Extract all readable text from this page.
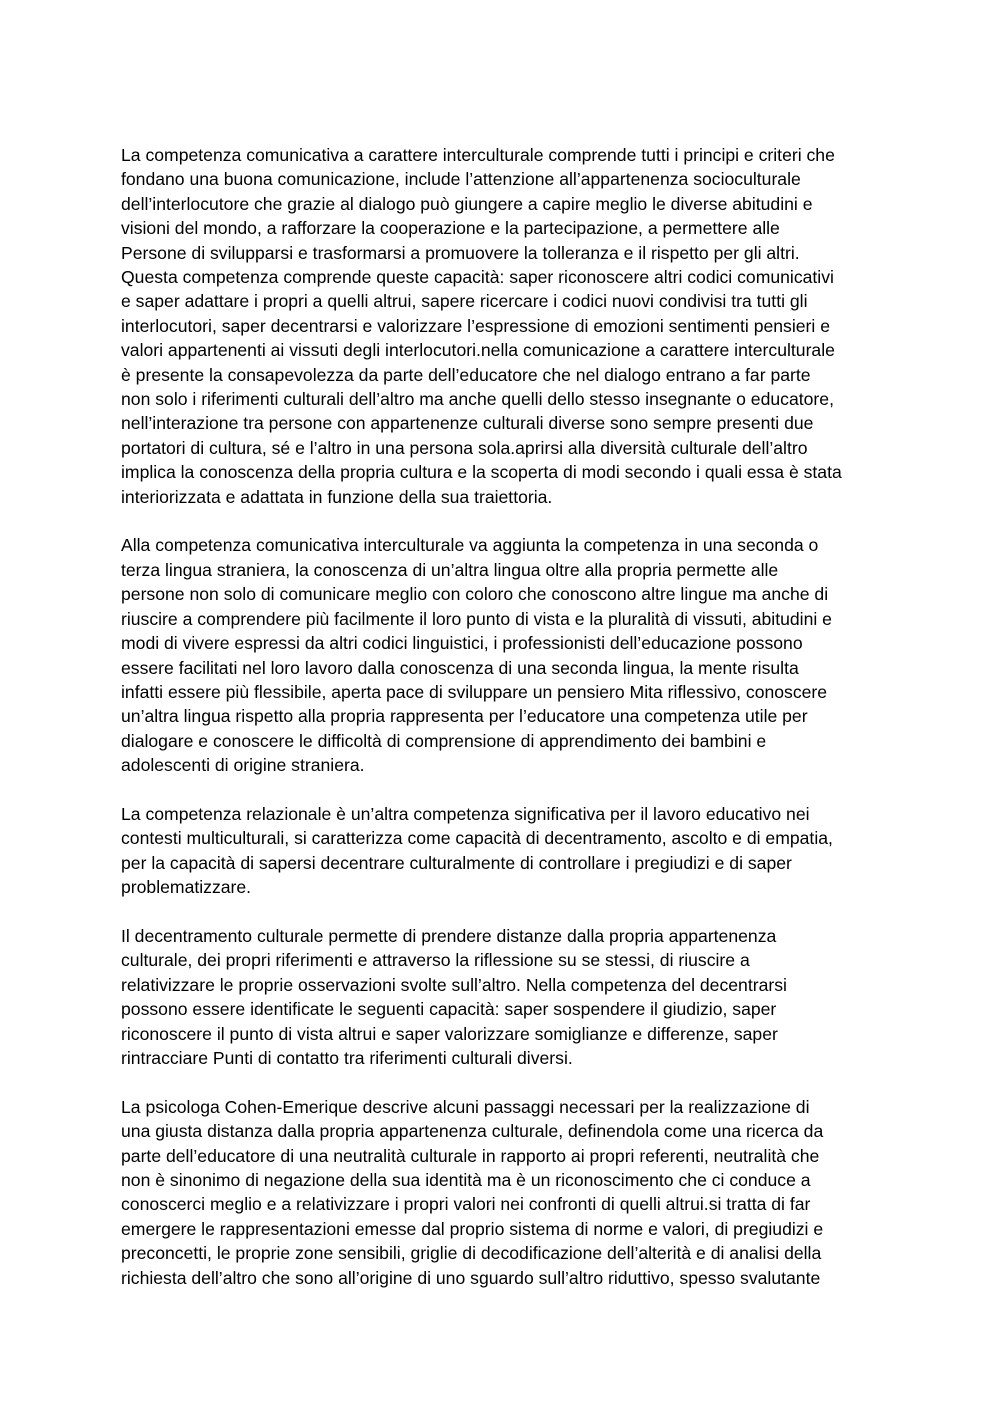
La competenza comunicativa a carattere interculturale comprende tutti i principi e criteri che
fondano una buona comunicazione, include l’attenzione all’appartenenza socioculturale
dell’interlocutore che grazie al dialogo può giungere a capire meglio le diverse abitudini e
visioni del mondo, a rafforzare la cooperazione e la partecipazione, a permettere alle
Persone di svilupparsi e trasformarsi a promuovere la tolleranza e il rispetto per gli altri.
Questa competenza comprende queste capacità: saper riconoscere altri codici comunicativi
e saper adattare i propri a quelli altrui, sapere ricercare i codici nuovi condivisi tra tutti gli
interlocutori, saper decentrarsi e valorizzare l’espressione di emozioni sentimenti pensieri e
valori appartenenti ai vissuti degli interlocutori.nella comunicazione a carattere interculturale
è presente la consapevolezza da parte dell’educatore che nel dialogo entrano a far parte
non solo i riferimenti culturali dell’altro ma anche quelli dello stesso insegnante o educatore,
nell’interazione tra persone con appartenenze culturali diverse sono sempre presenti due
portatori di cultura, sé e l’altro in una persona sola.aprirsi alla diversità culturale dell’altro
implica la conoscenza della propria cultura e la scoperta di modi secondo i quali essa è stata
interiorizzata e adattata in funzione della sua traiettoria.

Alla competenza comunicativa interculturale va aggiunta la competenza in una seconda o
terza lingua straniera, la conoscenza di un’altra lingua oltre alla propria permette alle
persone non solo di comunicare meglio con coloro che conoscono altre lingue ma anche di
riuscire a comprendere più facilmente il loro punto di vista e la pluralità di vissuti, abitudini e
modi di vivere espressi da altri codici linguistici, i professionisti dell’educazione possono
essere facilitati nel loro lavoro dalla conoscenza di una seconda lingua, la mente risulta
infatti essere più flessibile, aperta pace di sviluppare un pensiero Mita riflessivo, conoscere
un’altra lingua rispetto alla propria rappresenta per l’educatore una competenza utile per
dialogare e conoscere le difficoltà di comprensione di apprendimento dei bambini e
adolescenti di origine straniera.

La competenza relazionale è un’altra competenza significativa per il lavoro educativo nei
contesti multiculturali, si caratterizza come capacità di decentramento, ascolto e di empatia,
per la capacità di sapersi decentrare culturalmente di controllare i pregiudizi e di saper
problematizzare.

Il decentramento culturale permette di prendere distanze dalla propria appartenenza
culturale, dei propri riferimenti e attraverso la riflessione su se stessi, di riuscire a
relativizzare le proprie osservazioni svolte sull’altro. Nella competenza del decentrarsi
possono essere identificate le seguenti capacità: saper sospendere il giudizio, saper
riconoscere il punto di vista altrui e saper valorizzare somiglianze e differenze, saper
rintracciare Punti di contatto tra riferimenti culturali diversi.

La psicologa Cohen-Emerique descrive alcuni passaggi necessari per la realizzazione di
una giusta distanza dalla propria appartenenza culturale, definendola come una ricerca da
parte dell’educatore di una neutralità culturale in rapporto ai propri referenti, neutralità che
non è sinonimo di negazione della sua identità ma è un riconoscimento che ci conduce a
conoscerci meglio e a relativizzare i propri valori nei confronti di quelli altrui.si tratta di far
emergere le rappresentazioni emesse dal proprio sistema di norme e valori, di pregiudizi e
preconcetti, le proprie zone sensibili, griglie di decodificazione dell’alterità e di analisi della
richiesta dell’altro che sono all’origine di uno sguardo sull’altro riduttivo, spesso svalutante
